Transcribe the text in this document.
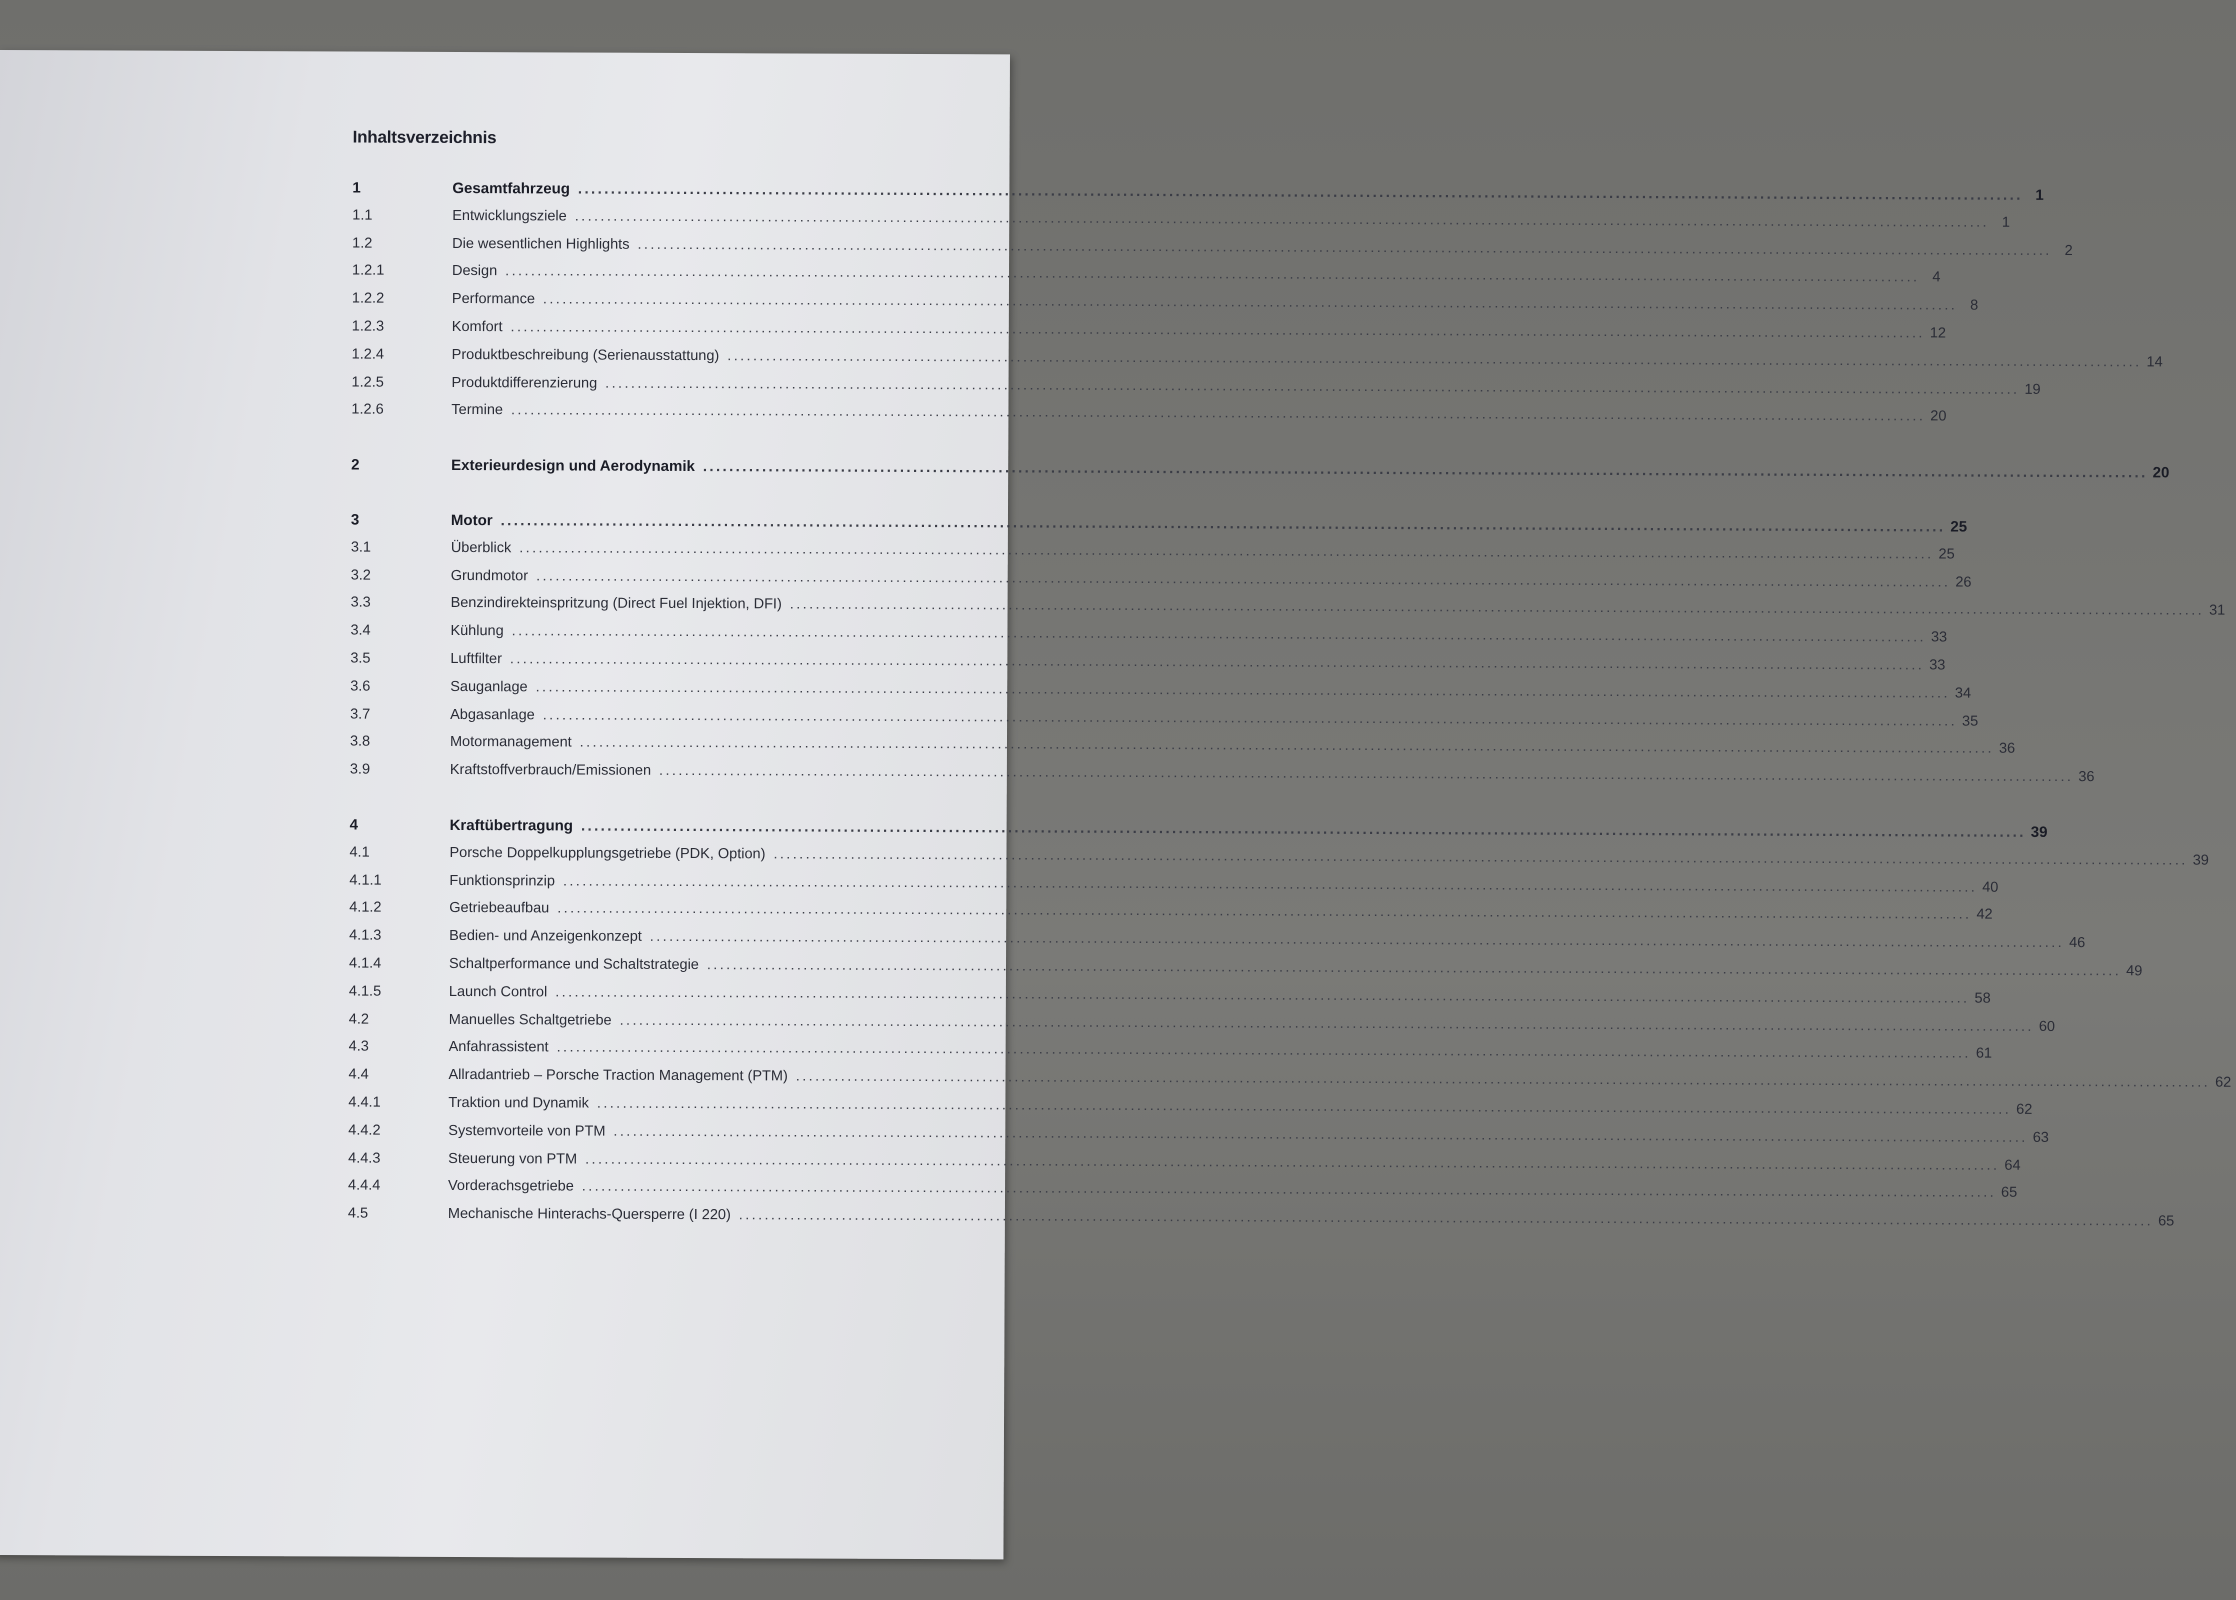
Inhaltsverzeichnis
1	Gesamtfahrzeug ............................................................................................................................................................................................................................ 1
1.1	Entwicklungsziele ............................................................................................................................................................................................................................ 1
1.2	Die wesentlichen Highlights ............................................................................................................................................................................................................................ 2
1.2.1	Design ............................................................................................................................................................................................................................ 4
1.2.2	Performance ............................................................................................................................................................................................................................ 8
1.2.3	Komfort ............................................................................................................................................................................................................................ 12
1.2.4	Produktbeschreibung (Serienausstattung) ............................................................................................................................................................................................................................ 14
1.2.5	Produktdifferenzierung ............................................................................................................................................................................................................................ 19
1.2.6	Termine ............................................................................................................................................................................................................................ 20
2	Exterieurdesign und Aerodynamik ............................................................................................................................................................................................................................ 20
3	Motor ............................................................................................................................................................................................................................ 25
3.1	Überblick ............................................................................................................................................................................................................................ 25
3.2	Grundmotor ............................................................................................................................................................................................................................ 26
3.3	Benzindirekteinspritzung (Direct Fuel Injektion, DFI) ............................................................................................................................................................................................................................ 31
3.4	Kühlung ............................................................................................................................................................................................................................ 33
3.5	Luftfilter ............................................................................................................................................................................................................................ 33
3.6	Sauganlage ............................................................................................................................................................................................................................ 34
3.7	Abgasanlage ............................................................................................................................................................................................................................ 35
3.8	Motormanagement ............................................................................................................................................................................................................................ 36
3.9	Kraftstoffverbrauch/Emissionen ............................................................................................................................................................................................................................ 36
4	Kraftübertragung ............................................................................................................................................................................................................................ 39
4.1	Porsche Doppelkupplungsgetriebe (PDK, Option) ............................................................................................................................................................................................................................ 39
4.1.1	Funktionsprinzip ............................................................................................................................................................................................................................ 40
4.1.2	Getriebeaufbau ............................................................................................................................................................................................................................ 42
4.1.3	Bedien- und Anzeigenkonzept ............................................................................................................................................................................................................................ 46
4.1.4	Schaltperformance und Schaltstrategie ............................................................................................................................................................................................................................ 49
4.1.5	Launch Control ............................................................................................................................................................................................................................ 58
4.2	Manuelles Schaltgetriebe ............................................................................................................................................................................................................................ 60
4.3	Anfahrassistent ............................................................................................................................................................................................................................ 61
4.4	Allradantrieb – Porsche Traction Management (PTM) ............................................................................................................................................................................................................................ 62
4.4.1	Traktion und Dynamik ............................................................................................................................................................................................................................ 62
4.4.2	Systemvorteile von PTM ............................................................................................................................................................................................................................ 63
4.4.3	Steuerung von PTM ............................................................................................................................................................................................................................ 64
4.4.4	Vorderachsgetriebe ............................................................................................................................................................................................................................ 65
4.5	Mechanische Hinterachs-Quersperre (I 220) ............................................................................................................................................................................................................................ 65
